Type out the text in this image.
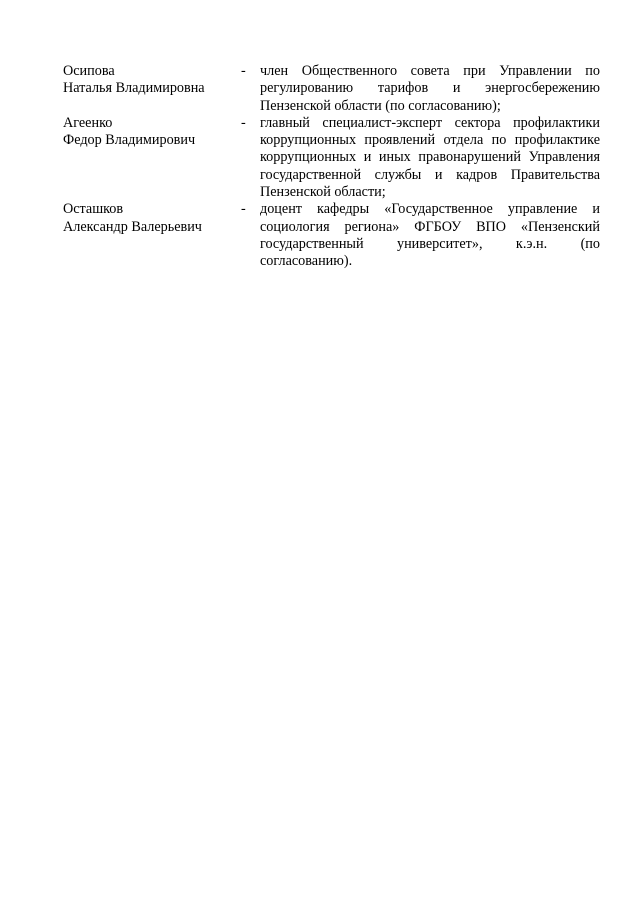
Осипова
Наталья Владимировна
-	член Общественного совета при Управлении по регулированию тарифов и энергосбережению Пензенской области (по согласованию);
Агеенко
Федор Владимирович
-	главный специалист-эксперт сектора профилактики коррупционных проявлений отдела по профилактике коррупционных и иных правонарушений Управления государственной службы и кадров Правительства Пензенской области;
Осташков
Александр Валерьевич
-	доцент кафедры «Государственное управление и социология региона» ФГБОУ ВПО «Пензенский государственный университет», к.э.н. (по согласованию).
